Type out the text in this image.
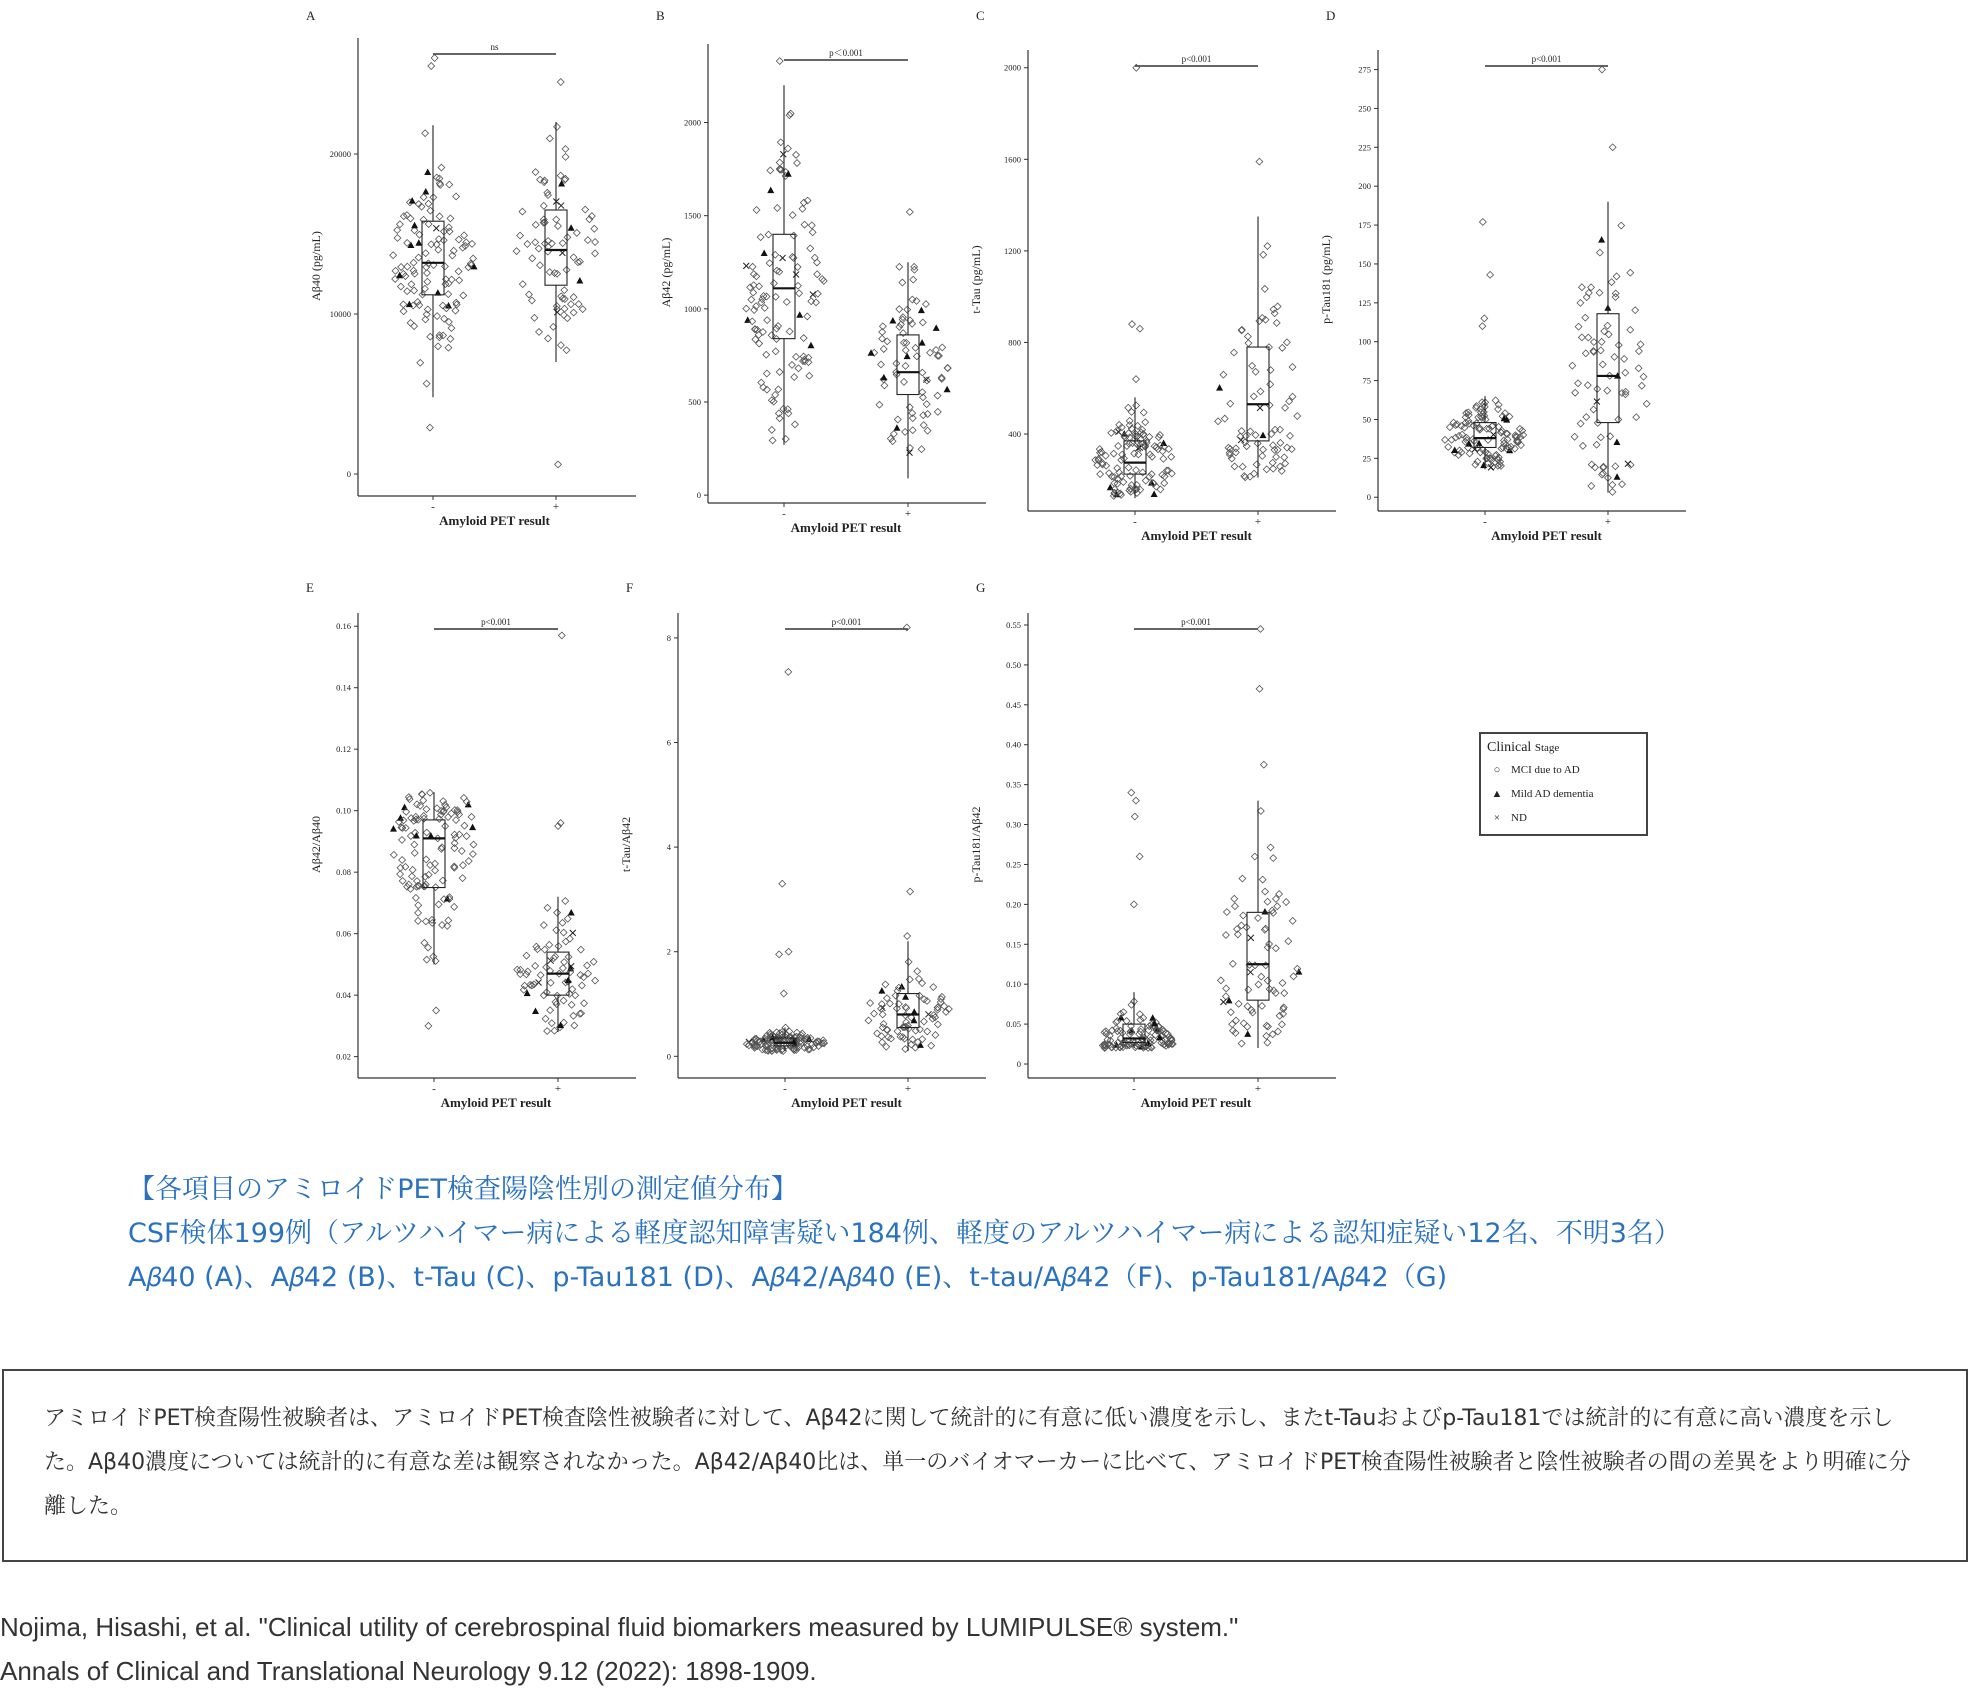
A
0
10000
20000
Aβ40 (pg/mL)
-	+
Amyloid PET result
ns
B
0
500
1000
1500
2000
Aβ42 (pg/mL)
-	+
Amyloid PET result
p＜0.001
C
400
800
1200
1600
2000
t-Tau (pg/mL)
-	+
Amyloid PET result
p<0.001
D
0
25
50
75
100
125
150
175
200
225
250
275
p-Tau181 (pg/mL)
-	+
Amyloid PET result
p<0.001
E
0.02
0.04
0.06
0.08
0.10
0.12
0.14
0.16
Aβ42/Aβ40
-	+
Amyloid PET result
p<0.001
F
0
2
4
6
8
t-Tau/Aβ42
-	+
Amyloid PET result
p<0.001
G
0
0.05
0.10
0.15
0.20
0.25
0.30
0.35
0.40
0.45
0.50
0.55
p-Tau181/Aβ42
-	+
Amyloid PET result
p<0.001
Clinical Stage
○ MCI due to AD
▲ Mild AD dementia
× ND
【各項目のアミロイドPET検査陽陰性別の測定値分布】
CSF検体199例（アルツハイマー病による軽度認知障害疑い184例、軽度のアルツハイマー病による認知症疑い12名、不明3名）
A𝛽40 (A)、A𝛽42 (B)、t-Tau (C)、p-Tau181 (D)、A𝛽42/A𝛽40 (E)、t-tau/A𝛽42（F)、p-Tau181/A𝛽42（G)
アミロイドPET検査陽性被験者は、アミロイドPET検査陰性被験者に対して、Aβ42に関して統計的に有意に低い濃度を示し、またt-Tauおよびp-Tau181では統計的に有意に高い濃度を示した。Aβ40濃度については統計的に有意な差は観察されなかった。Aβ42/Aβ40比は、単一のバイオマーカーに比べて、アミロイドPET検査陽性被験者と陰性被験者の間の差異をより明確に分離した。
Nojima, Hisashi, et al. "Clinical utility of cerebrospinal fluid biomarkers measured by LUMIPULSE® system."
Annals of Clinical and Translational Neurology 9.12 (2022): 1898-1909.
